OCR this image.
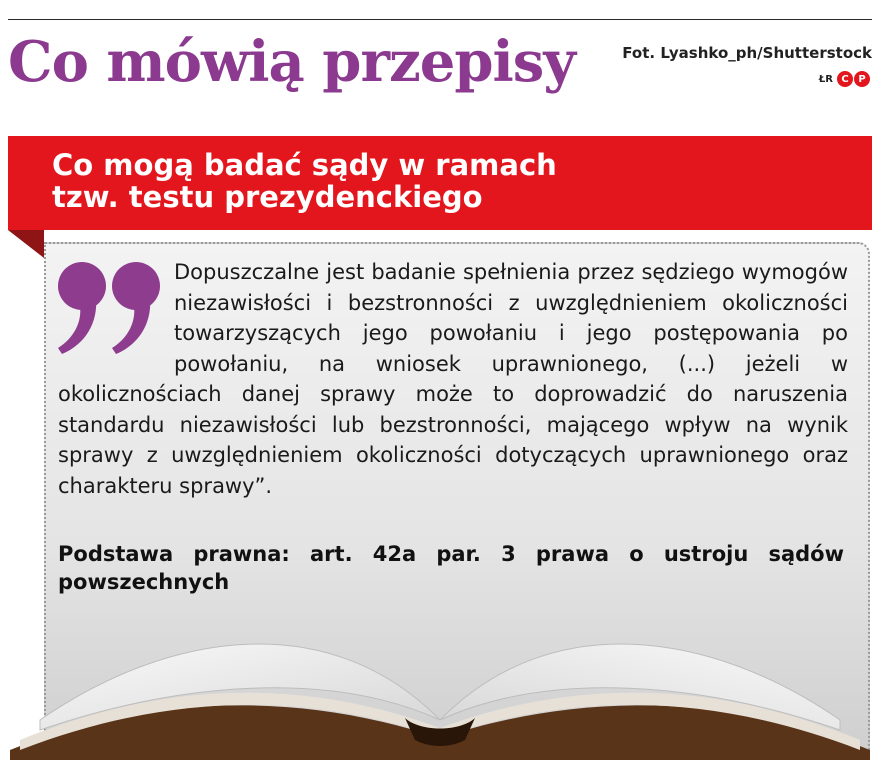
Co mówią przepisy	Fot. Lyashko_ph/Shutterstock
ŁR C P
Co mogą badać sądy w ramach
tzw. testu prezydenckiego

Dopuszczalne jest badanie spełnienia przez sędziego wymogów niezawisłości i bezstronności z uwzględnieniem okoliczności towarzyszących jego powołaniu i jego postępowania po powołaniu, na wniosek uprawnionego, (...) jeżeli w okolicznościach danej sprawy może to doprowadzić do naruszenia standardu niezawisłości lub bezstronności, mającego wpływ na wynik sprawy z uwzględnieniem okoliczności dotyczących uprawnionego oraz charakteru sprawy”.

Podstawa prawna: art. 42a par. 3 prawa o ustroju sądów powszechnych
